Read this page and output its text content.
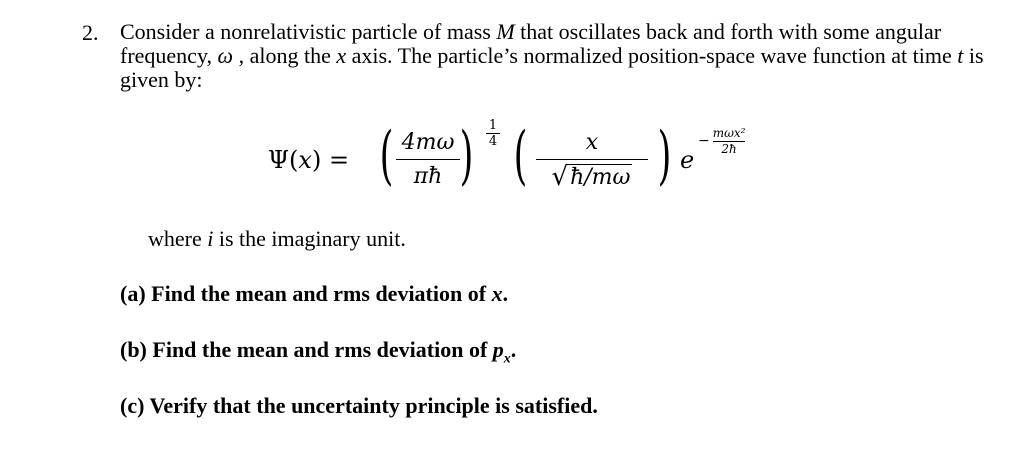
2. Consider a nonrelativistic particle of mass M that oscillates back and forth with some angular frequency, ω , along the x axis. The particle’s normalized position-space wave function at time t is given by:

Ψ(x) = ( $\frac{4m\omega}{\pi ħ}$ ) $\frac{1}{4}$ ( $\frac{x}{√ ħ/m\omega}$ ) e
− $\frac{\text{mωx²}}{2ħ}$

where i is the imaginary unit.

(a) Find the mean and rms deviation of x.

(b) Find the mean and rms deviation of $p_x$.

(c) Verify that the uncertainty principle is satisfied.
